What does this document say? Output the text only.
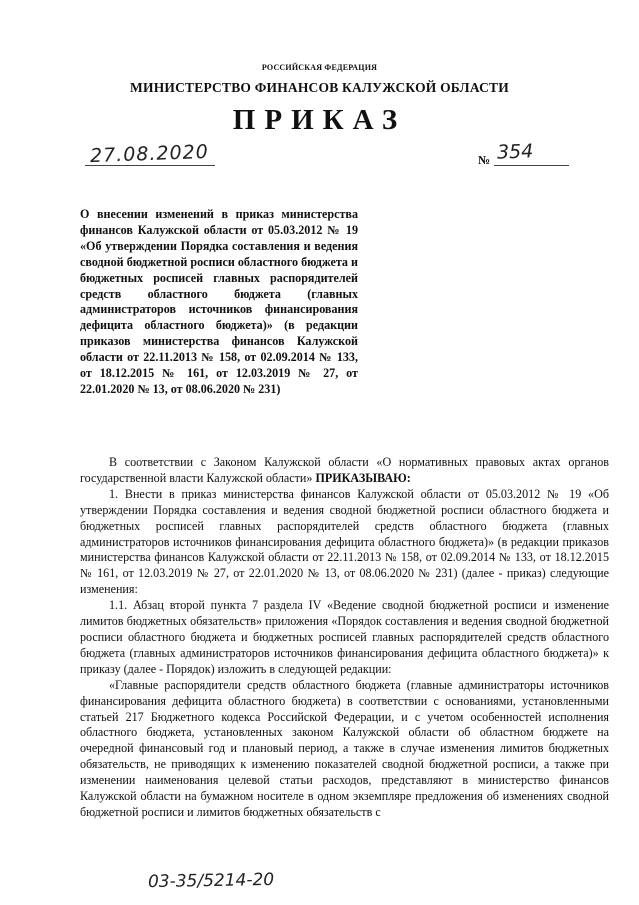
РОССИЙСКАЯ ФЕДЕРАЦИЯ
МИНИСТЕРСТВО ФИНАНСОВ КАЛУЖСКОЙ ОБЛАСТИ
ПРИКАЗ
27.08.2020	№ 354
О внесении изменений в приказ министерства финансов Калужской области от 05.03.2012 № 19 «Об утверждении Порядка составления и ведения сводной бюджетной росписи областного бюджета и бюджетных росписей главных распорядителей средств областного бюджета (главных администраторов источников финансирования дефицита областного бюджета)» (в редакции приказов министерства финансов Калужской области от 22.11.2013 № 158, от 02.09.2014 № 133, от 18.12.2015 № 161, от 12.03.2019 № 27, от 22.01.2020 № 13, от 08.06.2020 № 231)

В соответствии с Законом Калужской области «О нормативных правовых актах органов государственной власти Калужской области» ПРИКАЗЫВАЮ:

1. Внести в приказ министерства финансов Калужской области от 05.03.2012 № 19 «Об утверждении Порядка составления и ведения сводной бюджетной росписи областного бюджета и бюджетных росписей главных распорядителей средств областного бюджета (главных администраторов источников финансирования дефицита областного бюджета)» (в редакции приказов министерства финансов Калужской области от 22.11.2013 № 158, от 02.09.2014 № 133, от 18.12.2015 № 161, от 12.03.2019 № 27, от 22.01.2020 № 13, от 08.06.2020 № 231) (далее - приказ) следующие изменения:

1.1. Абзац второй пункта 7 раздела IV «Ведение сводной бюджетной росписи и изменение лимитов бюджетных обязательств» приложения «Порядок составления и ведения сводной бюджетной росписи областного бюджета и бюджетных росписей главных распорядителей средств областного бюджета (главных администраторов источников финансирования дефицита областного бюджета)» к приказу (далее - Порядок) изложить в следующей редакции:

«Главные распорядители средств областного бюджета (главные администраторы источников финансирования дефицита областного бюджета) в соответствии с основаниями, установленными статьей 217 Бюджетного кодекса Российской Федерации, и с учетом особенностей исполнения областного бюджета, установленных законом Калужской области об областном бюджете на очередной финансовый год и плановый период, а также в случае изменения лимитов бюджетных обязательств, не приводящих к изменению показателей сводной бюджетной росписи, а также при изменении наименования целевой статьи расходов, представляют в министерство финансов Калужской области на бумажном носителе в одном экземпляре предложения об изменениях сводной бюджетной росписи и лимитов бюджетных обязательств с

03-35/5214-20
